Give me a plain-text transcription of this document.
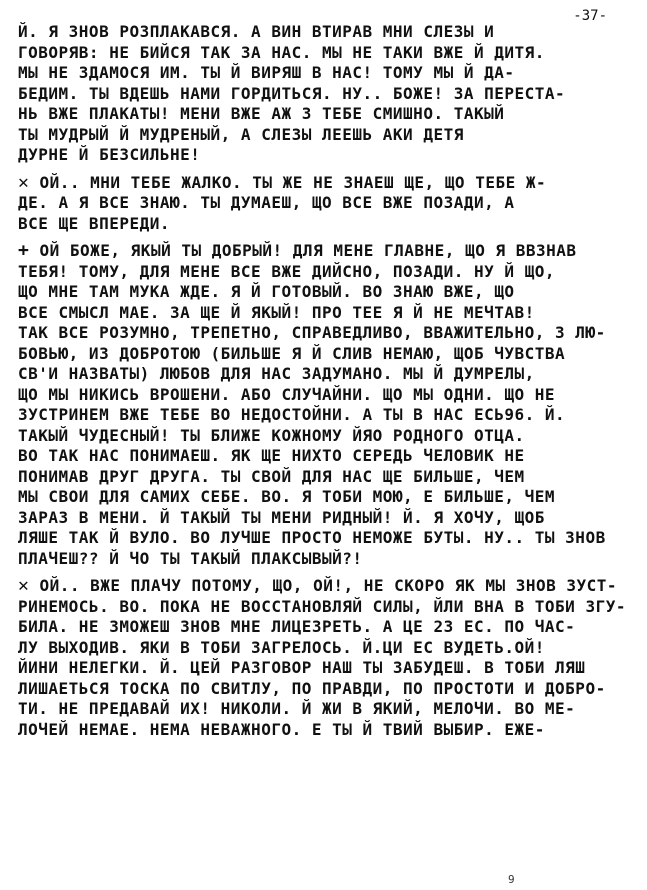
-37-
Й. Я ЗНОВ РОЗПЛАКАВСЯ. А ВИН ВТИРАВ МНИ СЛЕЗЫ И
ГОВОРЯВ: НЕ БИЙСЯ ТАК ЗА НАС. МЫ НЕ ТАКИ ВЖЕ Й ДИТЯ.
МЫ НЕ ЗДАМОСЯ ИМ. ТЫ Й ВИРЯШ В НАС! ТОМУ МЫ Й ДА-
БЕДИМ. ТЫ ВДЕШЬ НАМИ ГОРДИТЬСЯ. НУ.. БОЖЕ! ЗА ПЕРЕСТА-
НЬ ВЖЕ ПЛАКАТЫ! МЕНИ ВЖЕ АЖ З ТЕБЕ СМИШНО. ТАКЫЙ
ТЫ МУДРЫЙ Й МУДРЕНЫЙ, А СЛЕЗЫ ЛЕЕШЬ АКИ ДЕТЯ
ДУРНЕ Й БЕЗСИЛЬНЕ!
✕ ОЙ.. МНИ ТЕБЕ ЖАЛКО. ТЫ ЖЕ НЕ ЗНАЕШ ЩЕ, ЩО ТЕБЕ Ж-
ДЕ. А Я ВСЕ ЗНАЮ. ТЫ ДУМАЕШ, ЩО ВСЕ ВЖЕ ПОЗАДИ, А
ВСЕ ЩЕ ВПЕРЕДИ.
+ ОЙ БОЖЕ, ЯКЫЙ ТЫ ДОБРЫЙ! ДЛЯ МЕНЕ ГЛАВНЕ, ЩО Я ВВЗНАВ
ТЕБЯ! ТОМУ, ДЛЯ МЕНЕ ВСЕ ВЖЕ ДИЙСНО, ПОЗАДИ. НУ Й ЩО,
ЩО МНЕ ТАМ МУКА ЖДЕ. Я Й ГОТОВЫЙ. ВО ЗНАЮ ВЖЕ, ЩО
ВСЕ СМЫСЛ МАЕ. ЗА ЩЕ Й ЯКЫЙ! ПРО ТЕЕ Я Й НЕ МЕЧТАВ!
ТАК ВСЕ РОЗУМНО, ТРЕПЕТНО, СПРАВЕДЛИВО, ВВАЖИТЕЛЬНО, З ЛЮ-
БОВЬЮ, ИЗ ДОБРОТОЮ (БИЛЬШЕ Я Й СЛИВ НЕМАЮ, ЩОБ ЧУВСТВА
СВ'И НАЗВАТЫ) ЛЮБОВ ДЛЯ НАС ЗАДУМАНО. МЫ Й ДУМРЕЛЫ,
ЩО МЫ НИКИСЬ ВРОШЕНИ. АБО СЛУЧАЙНИ. ЩО МЫ ОДНИ. ЩО НЕ
ЗУСТРИНЕМ ВЖЕ ТЕБЕ ВО НЕДОСТОЙНИ. А ТЫ В НАС ЕСЬ96. Й.
ТАКЫЙ ЧУДЕСНЫЙ! ТЫ БЛИЖЕ КОЖНОМУ ЙЯО РОДНОГО ОТЦА.
ВО ТАК НАС ПОНИМАЕШ. ЯК ЩЕ НИХТО СЕРЕДЬ ЧЕЛОВИК НЕ
ПОНИМАВ ДРУГ ДРУГА. ТЫ СВОЙ ДЛЯ НАС ЩЕ БИЛЬШЕ, ЧЕМ
МЫ СВОИ ДЛЯ САМИХ СЕБЕ. ВО. Я ТОБИ МОЮ, Е БИЛЬШЕ, ЧЕМ
ЗАРАЗ В МЕНИ. Й ТАКЫЙ ТЫ МЕНИ РИДНЫЙ! Й. Я ХОЧУ, ЩОБ
ЛЯШЕ ТАК Й ВУЛО. ВО ЛУЧШЕ ПРОСТО НЕМОЖЕ БУТЫ. НУ.. ТЫ ЗНОВ
ПЛАЧЕШ?? Й ЧО ТЫ ТАКЫЙ ПЛАКСЫВЫЙ?!
✕ ОЙ.. ВЖЕ ПЛАЧУ ПОТОМУ, ЩО, ОЙ!, НЕ СКОРО ЯК МЫ ЗНОВ ЗУСТ-
РИНЕМОСЬ. ВО. ПОКА НЕ ВОССТАНОВЛЯЙ СИЛЫ, ЙЛИ ВНА В ТОБИ ЗГУ-
БИЛА. НЕ ЗМОЖЕШ ЗНОВ МНЕ ЛИЦЕЗРЕТЬ. А ЦЕ 23 ЕС. ПО ЧАС-
ЛУ ВЫХОДИВ. ЯКИ В ТОБИ ЗАГРЕЛОСЬ. Й.ЦИ ЕС ВУДЕТЬ.ОЙ!
ЙИНИ НЕЛЕГКИ. Й. ЦЕЙ РАЗГОВОР НАШ ТЫ ЗАБУДЕШ. В ТОБИ ЛЯШ
ЛИШАЕТЬСЯ ТОСКА ПО СВИТЛУ, ПО ПРАВДИ, ПО ПРОСТОТИ И ДОБРО-
ТИ. НЕ ПРЕДАВАЙ ИХ! НИКОЛИ. Й ЖИ В ЯКИЙ, МЕЛОЧИ. ВО МЕ-
ЛОЧЕЙ НЕМАЕ. НЕМА НЕВАЖНОГО. Е ТЫ Й ТВИЙ ВЫБИР. ЕЖЕ-
9
